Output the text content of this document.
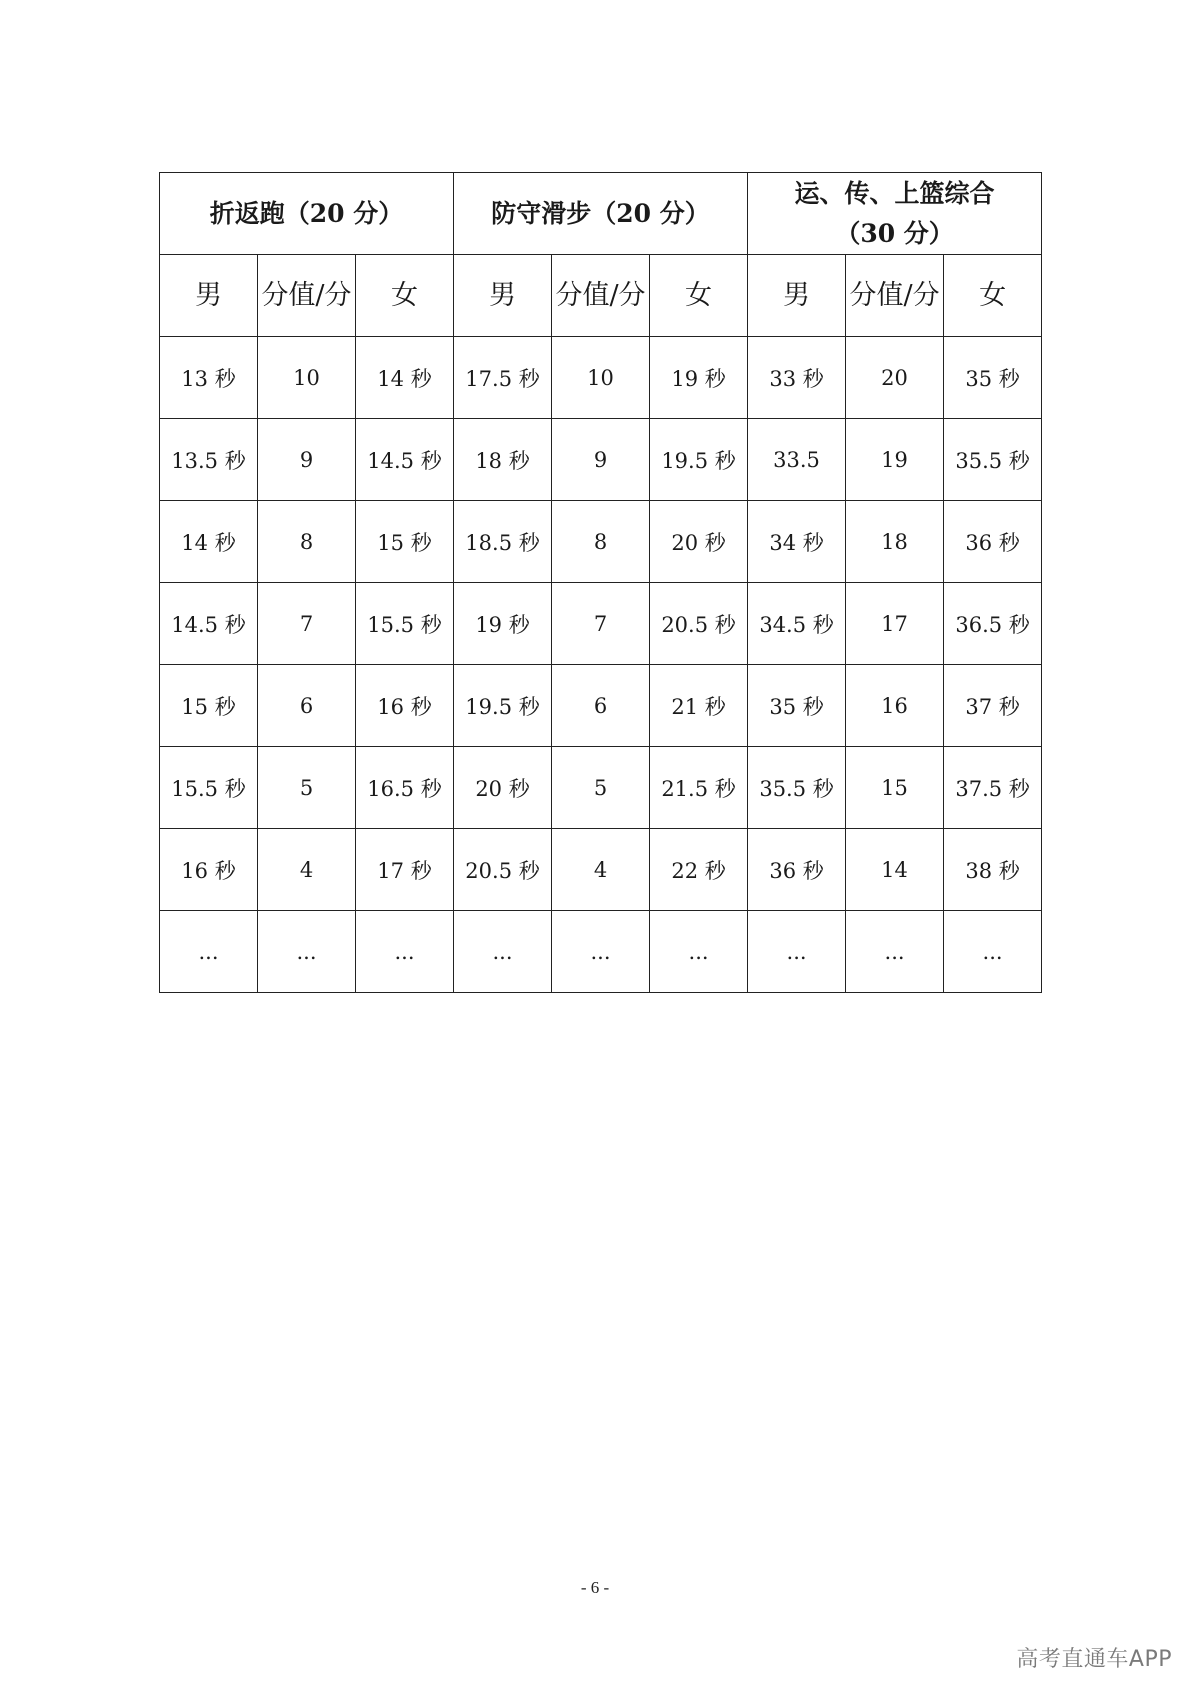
折返跑（20 分）			防守滑步（20 分）			运、传、上篮综合（30 分）		
男	分值/分	女	男	分值/分	女	男	分值/分	女
13 秒	10	14 秒	17.5 秒	10	19 秒	33 秒	20	35 秒
13.5 秒	9	14.5 秒	18 秒	9	19.5 秒	33.5	19	35.5 秒
14 秒	8	15 秒	18.5 秒	8	20 秒	34 秒	18	36 秒
14.5 秒	7	15.5 秒	19 秒	7	20.5 秒	34.5 秒	17	36.5 秒
15 秒	6	16 秒	19.5 秒	6	21 秒	35 秒	16	37 秒
15.5 秒	5	16.5 秒	20 秒	5	21.5 秒	35.5 秒	15	37.5 秒
16 秒	4	17 秒	20.5 秒	4	22 秒	36 秒	14	38 秒
...	...	...	...	...	...	...	...	...
- 6 -
高考直通车APP
